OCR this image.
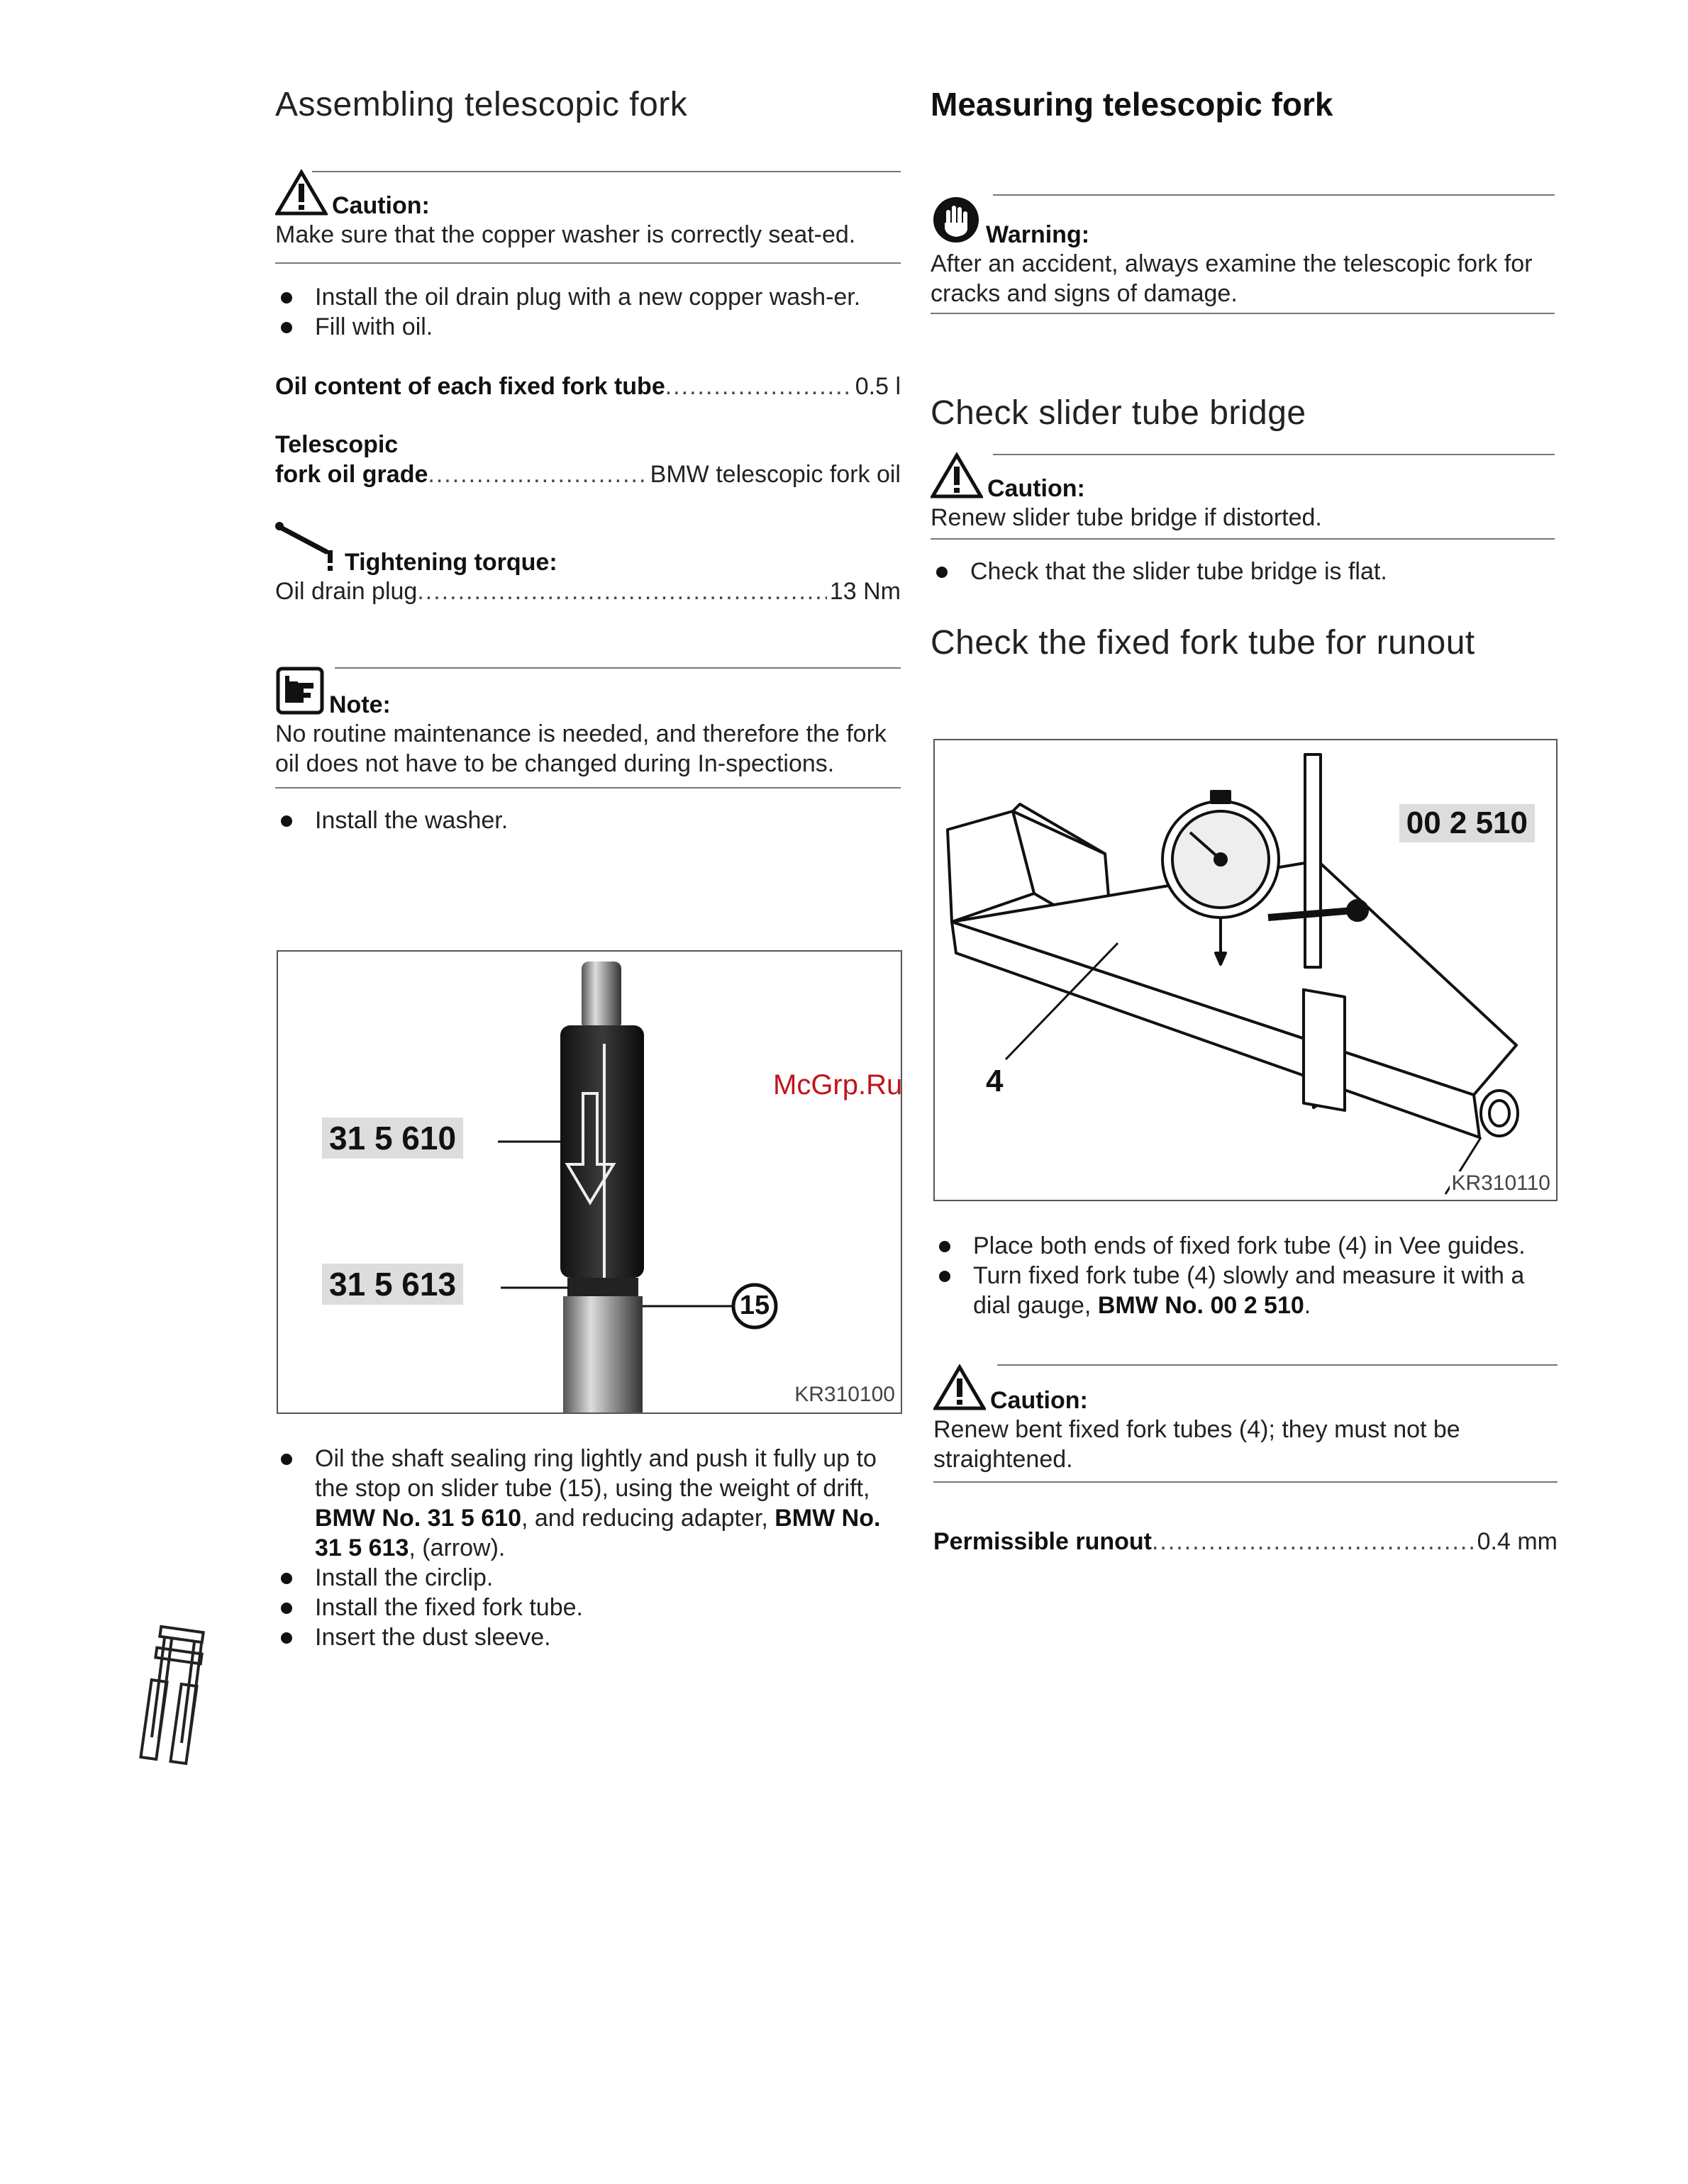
Assembling telescopic fork
Caution:
Make sure that the copper washer is correctly seat-ed.
Install the oil drain plug with a new copper wash-er.
Fill with oil.
Oil content of each fixed fork tube .....	0.5 l
Telescopic
fork oil grade .....	BMW telescopic fork oil
Tightening torque:
Oil drain plug .....	13 Nm
Note:
No routine maintenance is needed, and therefore the fork oil does not have to be changed during In-spections.
Install the washer.
31 5 610
31 5 613
15
KR310100
Oil the shaft sealing ring lightly and push it fully up to the stop on slider tube (15), using the weight of drift, BMW No. 31 5 610, and reducing adapter, BMW No. 31 5 613, (arrow).
Install the circlip.
Install the fixed fork tube.
Insert the dust sleeve.
Measuring telescopic fork
Warning:
After an accident, always examine the telescopic fork for cracks and signs of damage.
Check slider tube bridge
Caution:
Renew slider tube bridge if distorted.
Check that the slider tube bridge is flat.
Check the fixed fork tube for runout
00 2 510
4
KR310110
Place both ends of fixed fork tube (4) in Vee guides.
Turn fixed fork tube (4) slowly and measure it with a dial gauge, BMW No. 00 2 510.
Caution:
Renew bent fixed fork tubes (4); they must not be straightened.
Permissible runout .....	0.4 mm
McGrp.Ru
